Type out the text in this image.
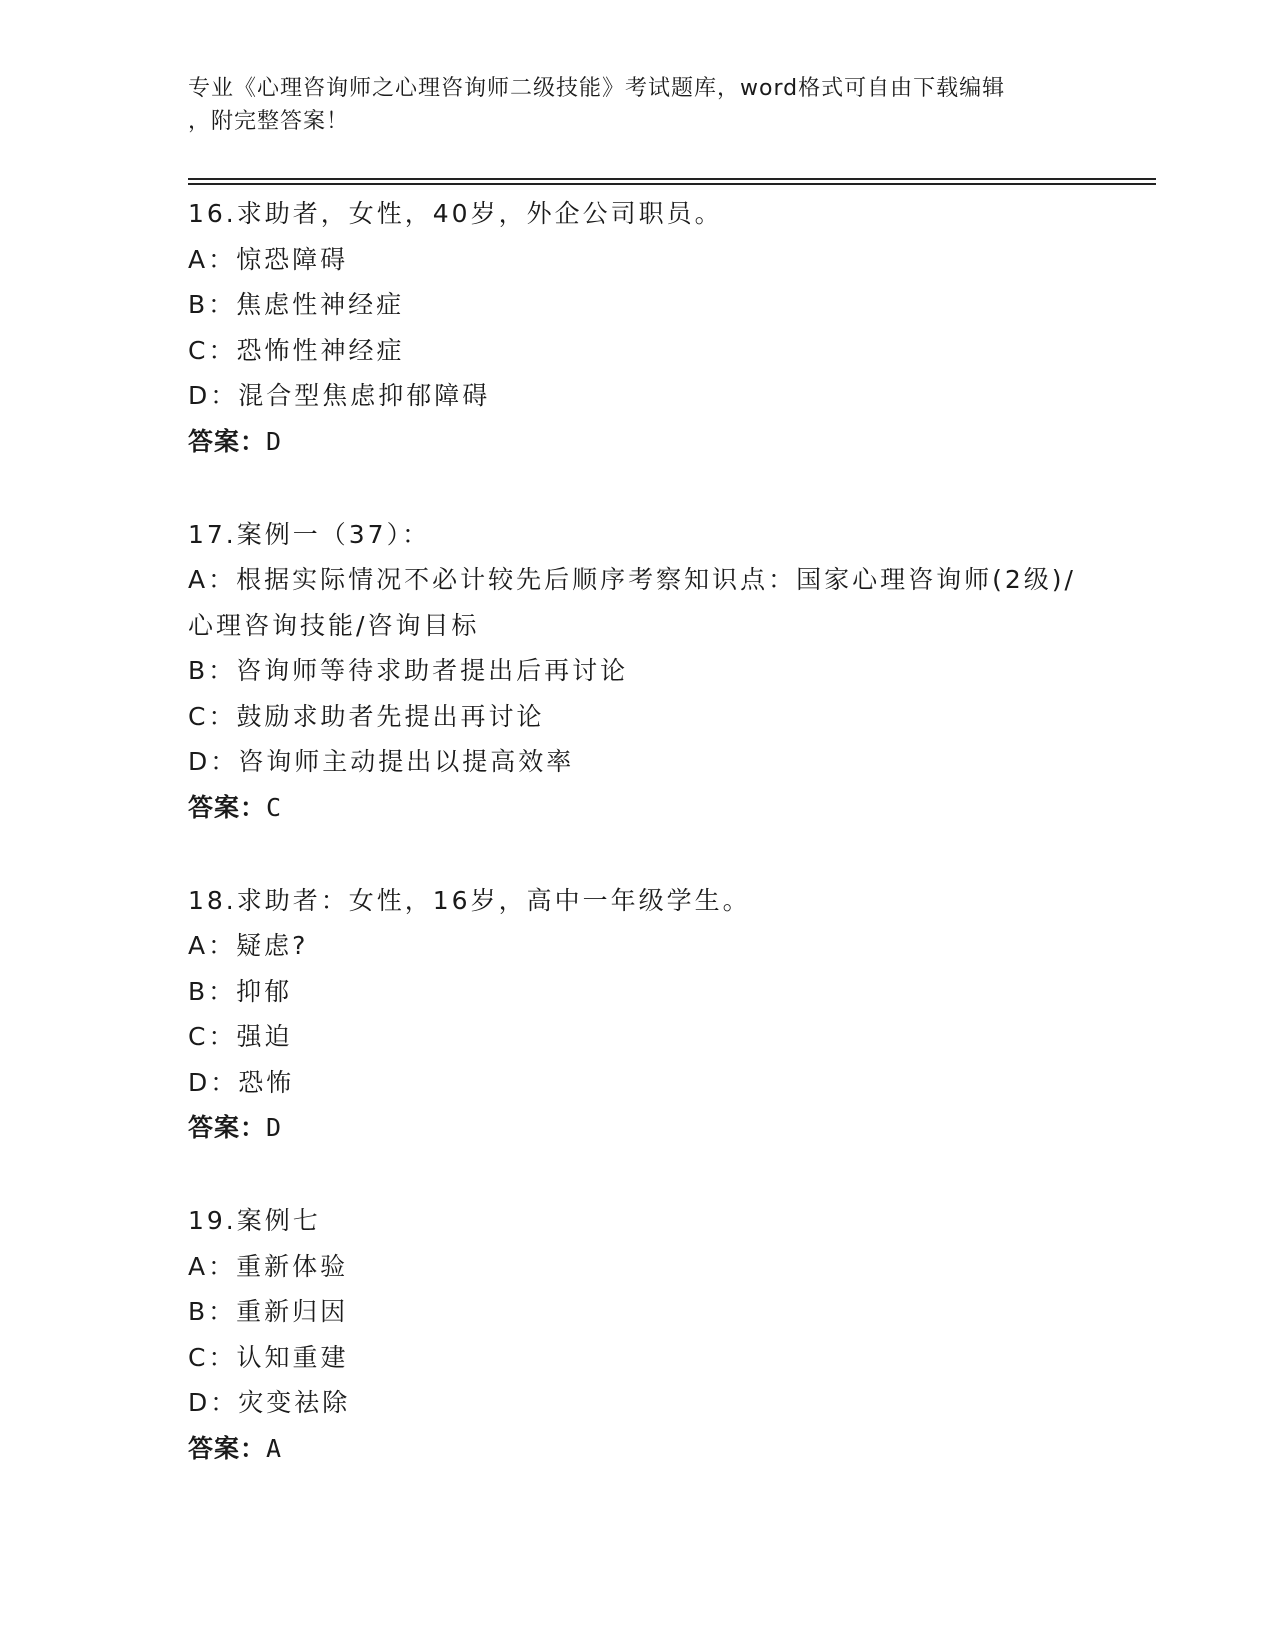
专业《心理咨询师之心理咨询师二级技能》考试题库，word格式可自由下载编辑
，附完整答案！
16.求助者，女性，40岁，外企公司职员。
A：惊恐障碍
B：焦虑性神经症
C：恐怖性神经症
D：混合型焦虑抑郁障碍
答案：D
17.案例一（37）：
A：根据实际情况不必计较先后顺序考察知识点：国家心理咨询师(2级)/心理咨询技能/咨询目标
B：咨询师等待求助者提出后再讨论
C：鼓励求助者先提出再讨论
D：咨询师主动提出以提高效率
答案：C
18.求助者：女性，16岁，高中一年级学生。
A：疑虑?
B：抑郁
C：强迫
D：恐怖
答案：D
19.案例七
A：重新体验
B：重新归因
C：认知重建
D：灾变祛除
答案：A
